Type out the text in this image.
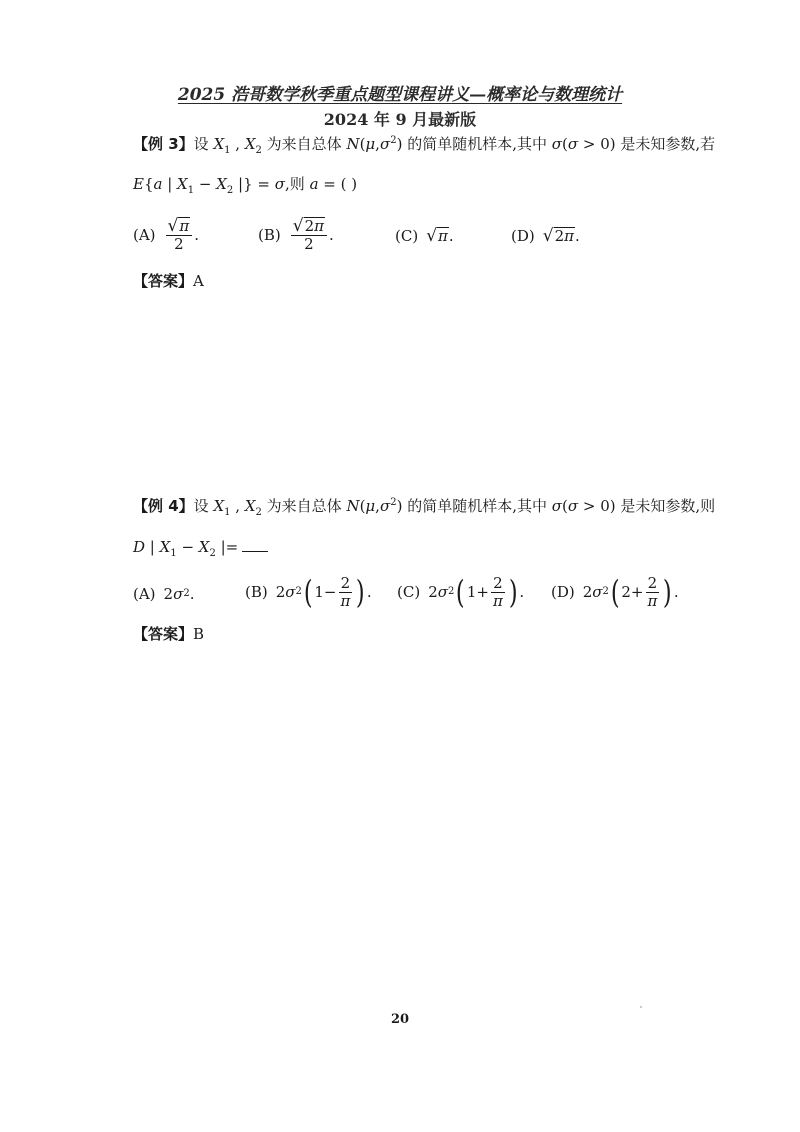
2025 浩哥数学秋季重点题型课程讲义—概率论与数理统计
2024 年 9 月最新版
【例 3】设 $X_1$ , $X_2$ 为来自总体 $N(\mu,\sigma^2)$ 的简单随机样本,其中 σ(σ > 0) 是未知参数,若
E{a | $X_1 - X_2$ |} = σ,则 a = ( )
$(A) \frac{√ \pi}{2}$ .	$(B) \frac{√ 2\pi}{2}$ .	(C) √ π .	(D) √ 2π .
【答案】A
【例 4】设 $X_1$ , $X_2$ 为来自总体 $N(\mu,\sigma^2)$ 的简单随机样本,其中 σ(σ > 0) 是未知参数,则
D | $X_1 - X_2$ |=
(A) 2 σ 2 .	(B) 2 σ 2 ( $1- \frac{2}{\pi}$ ) . (C) 2 σ 2 ( $1+ \frac{2}{\pi}$ ) . (D) 2 σ 2 ( $2+ \frac{2}{\pi}$ ) .
【答案】B
20
